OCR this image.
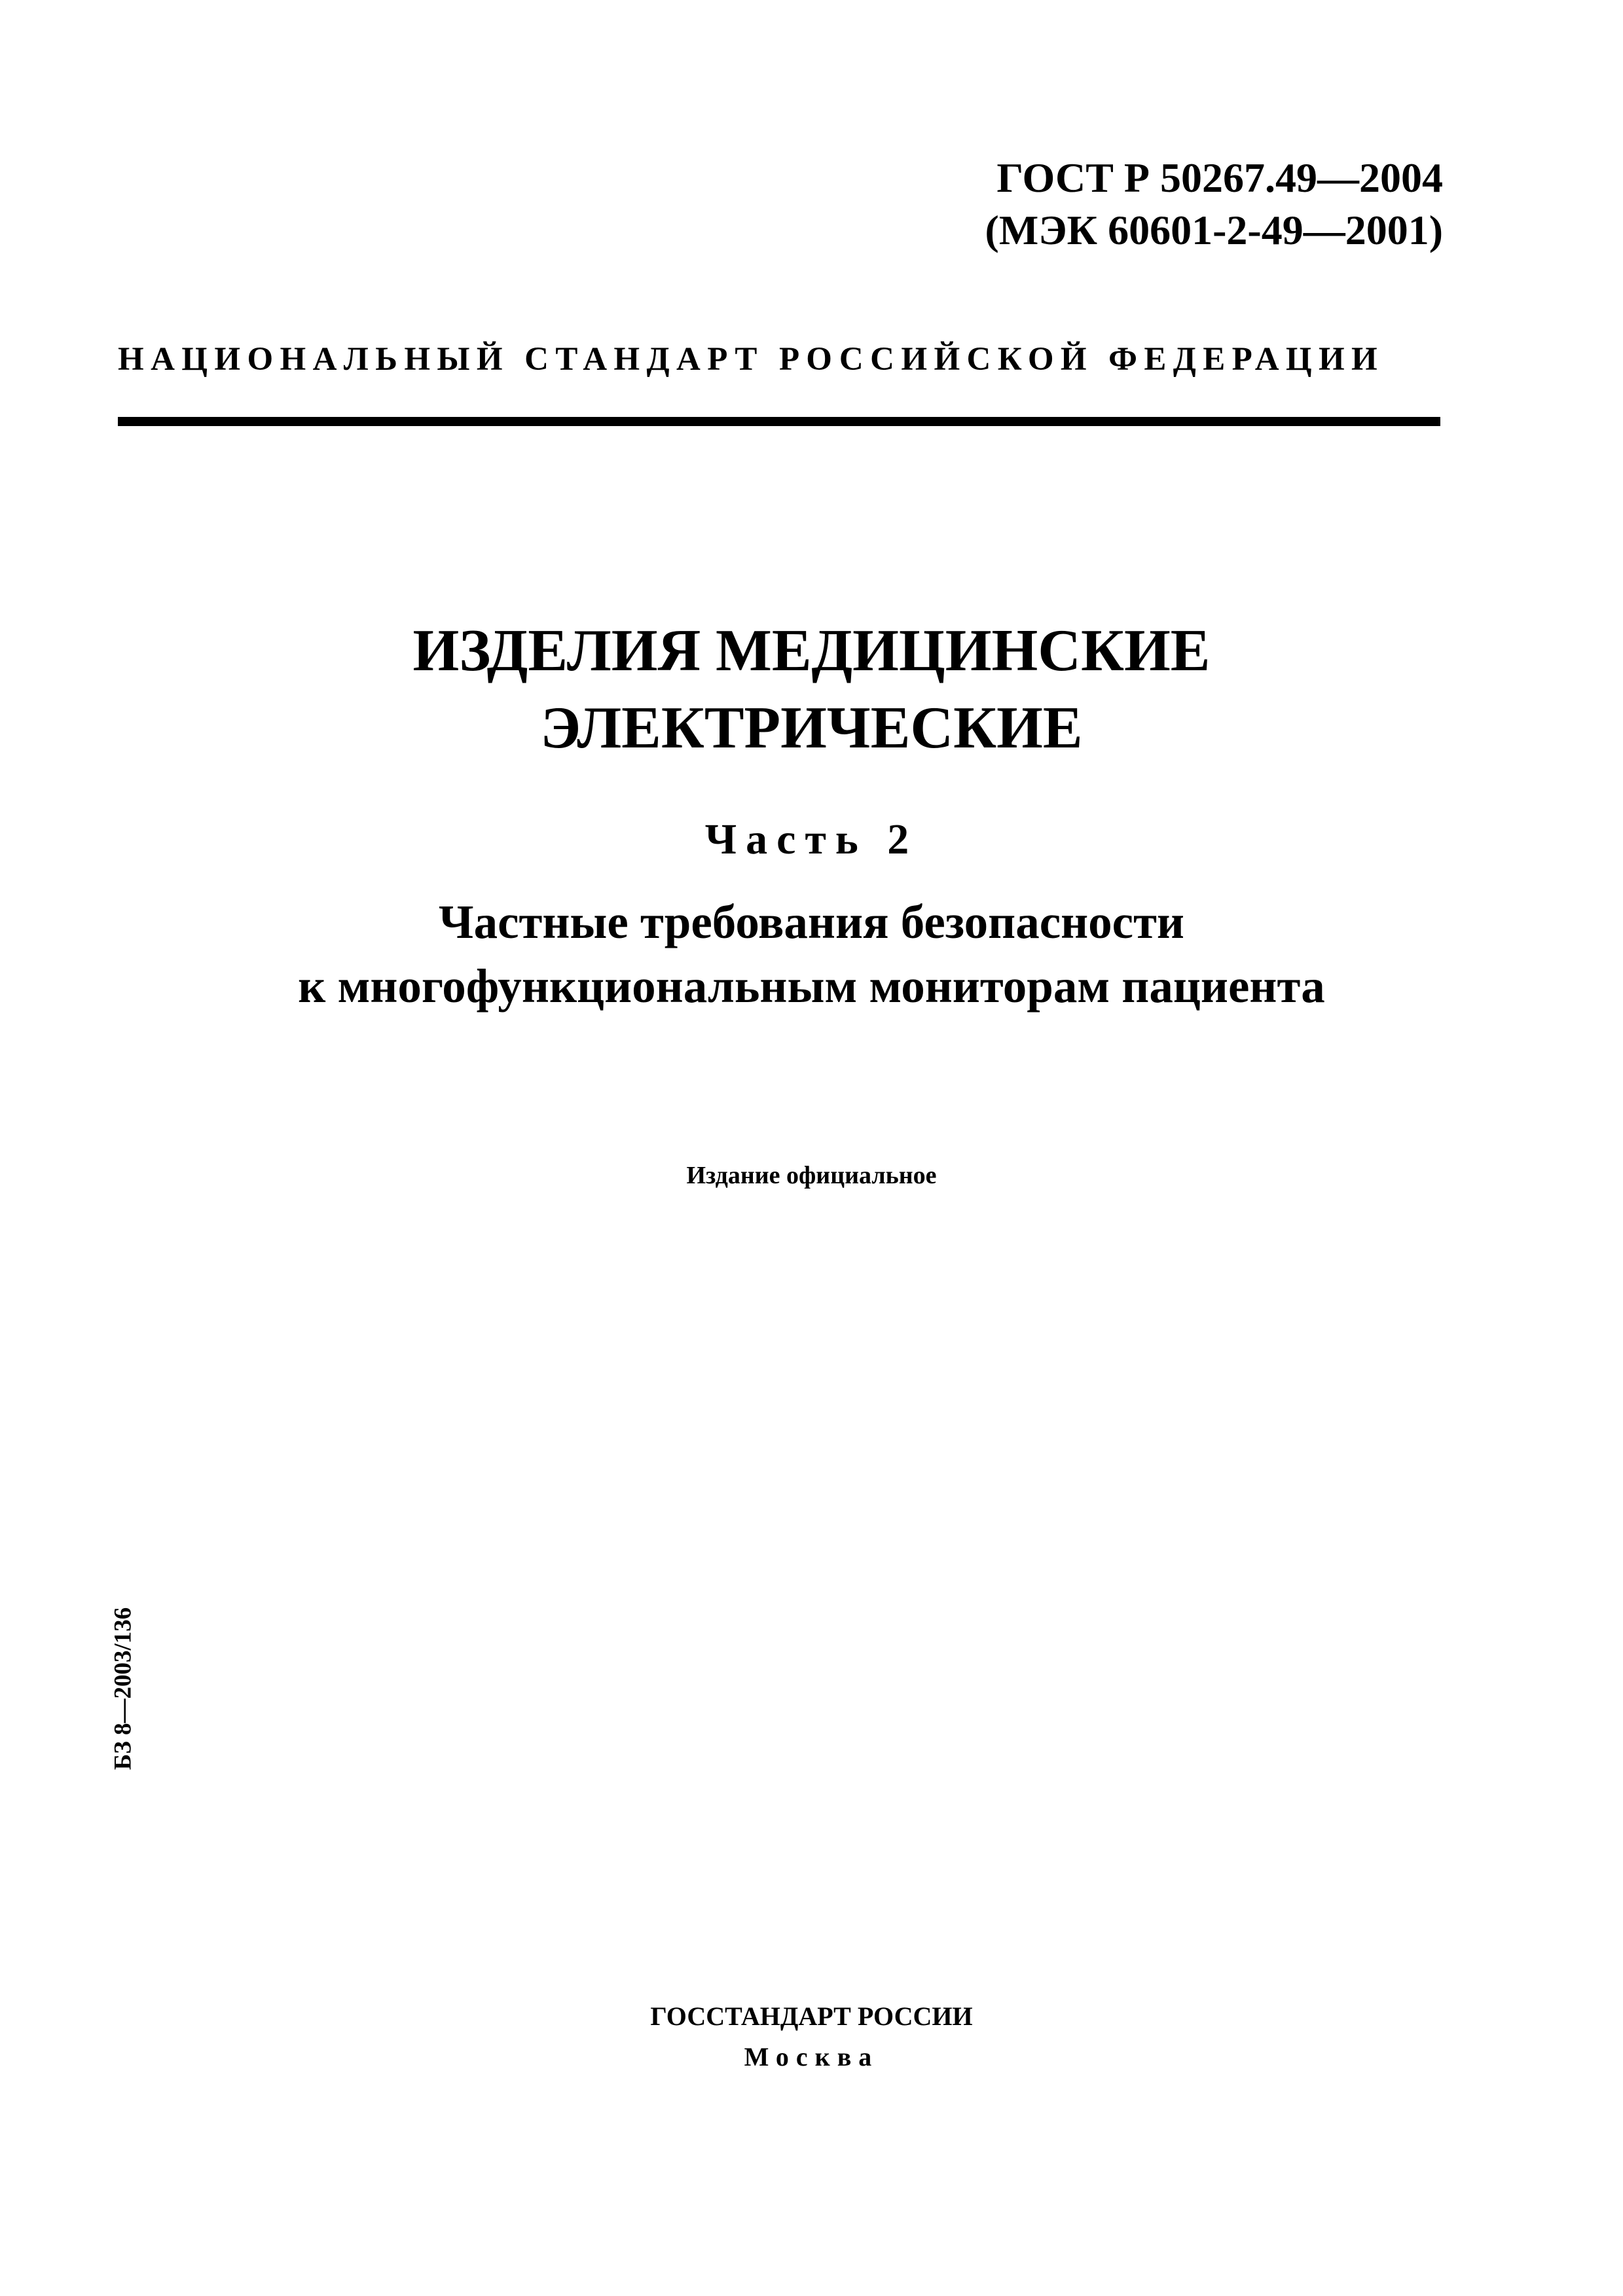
ГОСТ Р 50267.49—2004
(МЭК 60601-2-49—2001)
НАЦИОНАЛЬНЫЙ СТАНДАРТ РОССИЙСКОЙ ФЕДЕРАЦИИ
ИЗДЕЛИЯ МЕДИЦИНСКИЕ
ЭЛЕКТРИЧЕСКИЕ
Часть 2
Частные требования безопасности
к многофункциональным мониторам пациента
Издание официальное
БЗ 8—2003/136
ГОССТАНДАРТ РОССИИ
Москва
